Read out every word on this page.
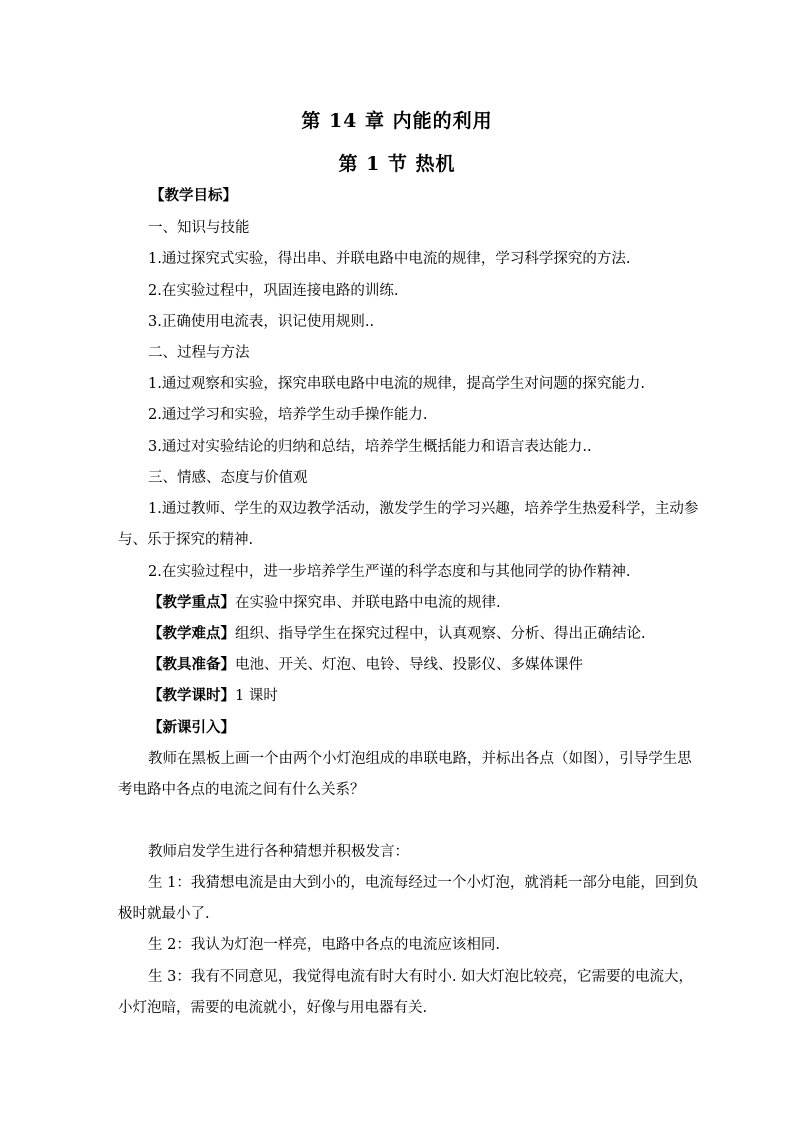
第 14 章 内能的利用
第 1 节 热机
【教学目标】
一、知识与技能
1.通过探究式实验，得出串、并联电路中电流的规律，学习科学探究的方法.
2.在实验过程中，巩固连接电路的训练.
3.正确使用电流表，识记使用规则..
二、过程与方法
1.通过观察和实验，探究串联电路中电流的规律，提高学生对问题的探究能力.
2.通过学习和实验，培养学生动手操作能力.
3.通过对实验结论的归纳和总结，培养学生概括能力和语言表达能力..
三、情感、态度与价值观
1.通过教师、学生的双边教学活动，激发学生的学习兴趣，培养学生热爱科学，主动参
与、乐于探究的精神.
2.在实验过程中，进一步培养学生严谨的科学态度和与其他同学的协作精神.
【教学重点】在实验中探究串、并联电路中电流的规律.
【教学难点】组织、指导学生在探究过程中，认真观察、分析、得出正确结论.
【教具准备】电池、开关、灯泡、电铃、导线、投影仪、多媒体课件
【教学课时】1 课时
【新课引入】
教师在黑板上画一个由两个小灯泡组成的串联电路，并标出各点（如图），引导学生思
考电路中各点的电流之间有什么关系？
教师启发学生进行各种猜想并积极发言：
生 1：我猜想电流是由大到小的，电流每经过一个小灯泡，就消耗一部分电能，回到负
极时就最小了.
生 2：我认为灯泡一样亮，电路中各点的电流应该相同.
生 3：我有不同意见，我觉得电流有时大有时小. 如大灯泡比较亮，它需要的电流大，
小灯泡暗，需要的电流就小，好像与用电器有关.
